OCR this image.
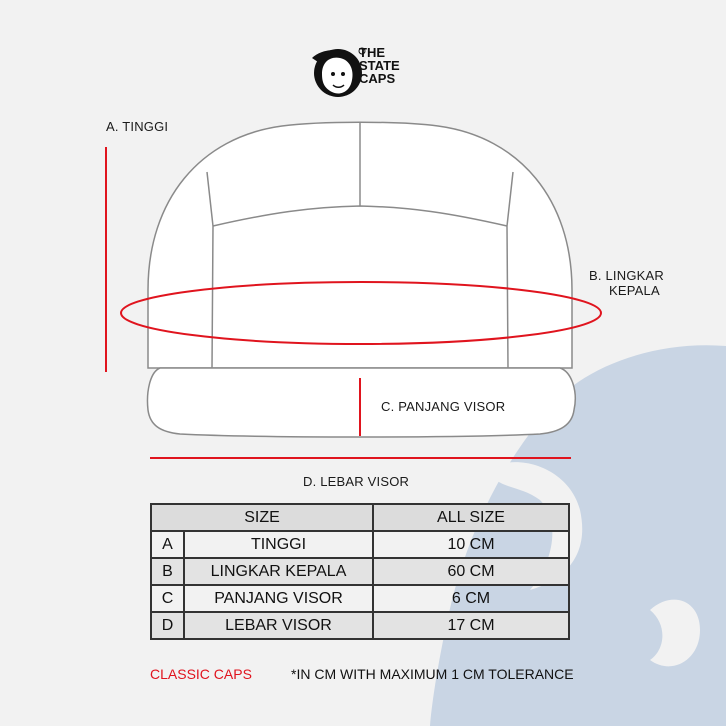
THE
STATE
CAPS
A. TINGGI
B. LINGKAR
KEPALA
C. PANJANG VISOR
D. LEBAR VISOR
SIZE		ALL SIZE
A	TINGGI	10 CM
B	LINGKAR KEPALA	60 CM
C	PANJANG VISOR	6 CM
D	LEBAR VISOR	17 CM
CLASSIC CAPS	*IN CM WITH MAXIMUM 1 CM TOLERANCE
